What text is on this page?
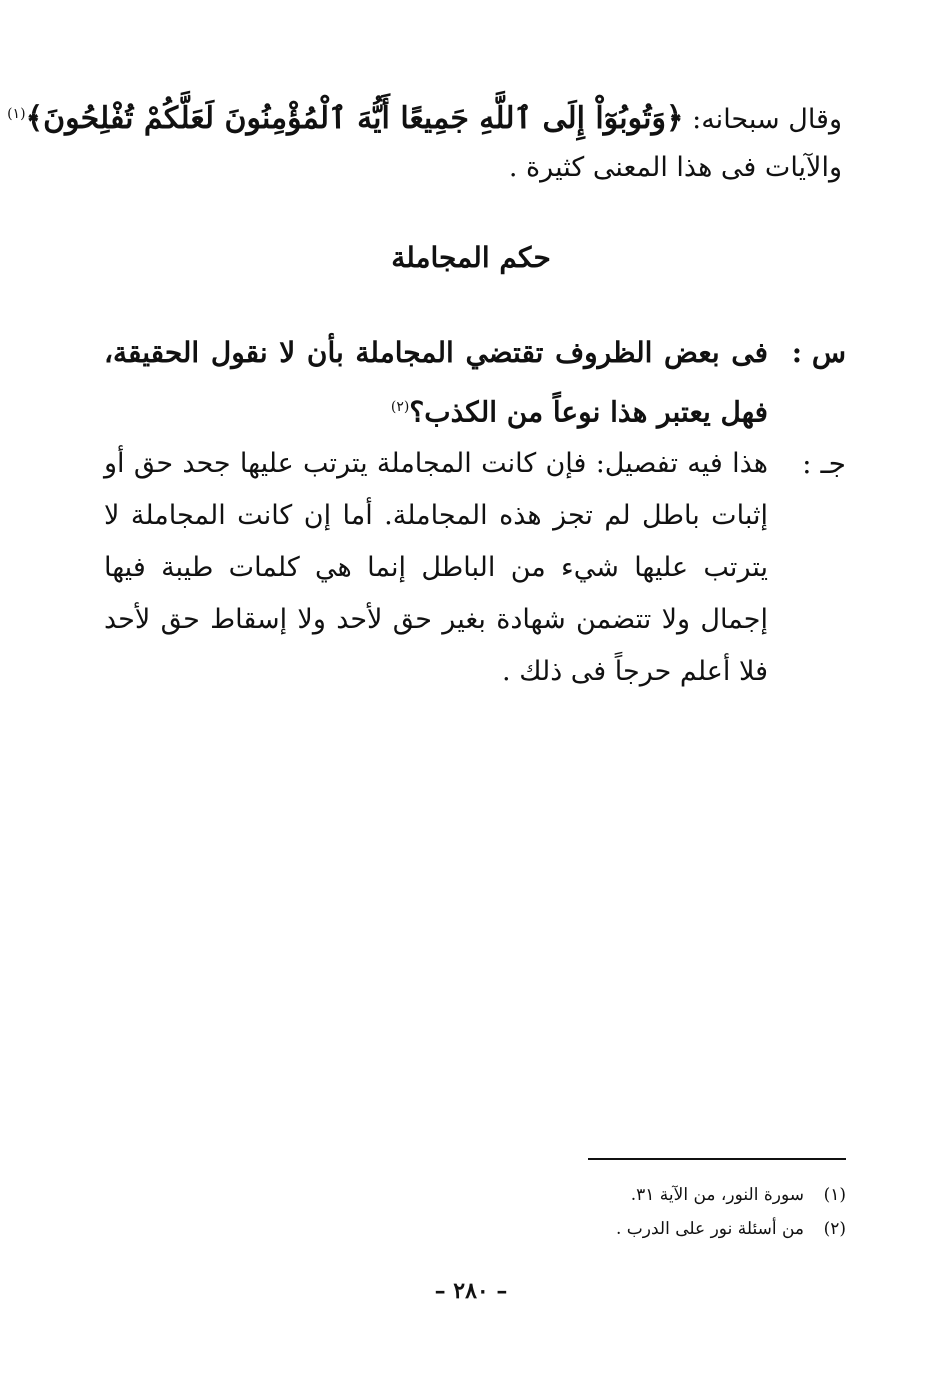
وقال سبحانه: ﴿وَتُوبُوٓاْ إِلَى ٱللَّهِ جَمِيعًا أَيُّهَ ٱلْمُؤْمِنُونَ لَعَلَّكُمْ تُفْلِحُونَ﴾$^{(١)}$
والآيات فى هذا المعنى كثيرة .
حكم المجاملة
س :
فى بعض الظروف تقتضي المجاملة بأن لا نقول الحقيقة، فهل يعتبر هذا نوعاً من الكذب؟$^{(٢)}$
جـ :
هذا فيه تفصيل: فإن كانت المجاملة يترتب عليها جحد حق أو إثبات باطل لم تجز هذه المجاملة. أما إن كانت المجاملة لا يترتب عليها شيء من الباطل إنما هي كلمات طيبة فيها إجمال ولا تتضمن شهادة بغير حق لأحد ولا إسقاط حق لأحد فلا أعلم حرجاً فى ذلك .
(١)
سورة النور، من الآية ٣١.
(٢)
من أسئلة نور على الدرب .
– ٢٨٠ –
